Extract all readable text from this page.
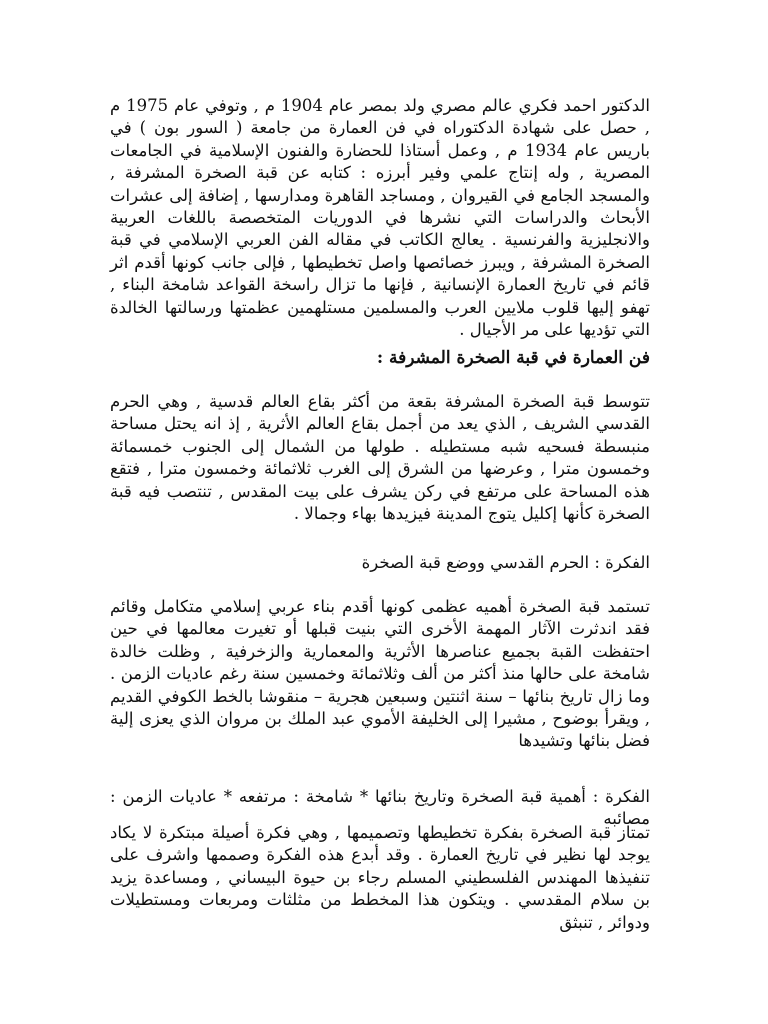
الدكتور احمد فكري عالم مصري ولد بمصر عام 1904 م , وتوفي عام 1975 م , حصل على شهادة الدكتوراه في فن العمارة من جامعة ( السور بون ) في باريس عام 1934 م , وعمل أستاذا للحضارة والفنون الإسلامية في الجامعات المصرية , وله إنتاج علمي وفير أبرزه : كتابه عن قبة الصخرة المشرفة , والمسجد الجامع في القيروان , ومساجد القاهرة ومدارسها , إضافة إلى عشرات الأبحاث والدراسات التي نشرها في الدوريات المتخصصة باللغات العربية والانجليزية والفرنسية . يعالج الكاتب في مقاله الفن العربي الإسلامي في قبة الصخرة المشرفة , ويبرز خصائصها واصل تخطيطها , فإلى جانب كونها أقدم اثر قائم في تاريخ العمارة الإنسانية , فإنها ما تزال راسخة القواعد شامخة البناء , تهفو إليها قلوب ملايين العرب والمسلمين مستلهمين عظمتها ورسالتها الخالدة التي تؤديها على مر الأجيال .

فن العمارة في قبة الصخرة المشرفة :

تتوسط قبة الصخرة المشرفة بقعة من أكثر بقاع العالم قدسية , وهي الحرم القدسي الشريف , الذي يعد من أجمل بقاع العالم الأثرية , إذ انه يحتل مساحة منبسطة فسحيه شبه مستطيله . طولها من الشمال إلى الجنوب خمسمائة وخمسون مترا , وعرضها من الشرق إلى الغرب ثلاثمائة وخمسون مترا , فتقع هذه المساحة على مرتفع في ركن يشرف على بيت المقدس , تنتصب فيه قبة الصخرة كأنها إكليل يتوج المدينة فيزيدها بهاء وجمالا .

الفكرة : الحرم القدسي ووضع قبة الصخرة

تستمد قبة الصخرة أهميه عظمى كونها أقدم بناء عربي إسلامي متكامل وقائم فقد اندثرت الآثار المهمة الأخرى التي بنيت قبلها أو تغيرت معالمها في حين احتفظت القبة بجميع عناصرها الأثرية والمعمارية والزخرفية , وظلت خالدة شامخة على حالها منذ أكثر من ألف وثلاثمائة وخمسين سنة رغم عاديات الزمن . وما زال تاريخ بنائها – سنة اثنتين وسبعين هجرية – منقوشا بالخط الكوفي القديم , ويقرأ بوضوح , مشيرا إلى الخليفة الأموي عبد الملك بن مروان الذي يعزى إلية فضل بنائها وتشيدها

الفكرة : أهمية قبة الصخرة وتاريخ بنائها * شامخة : مرتفعه * عاديات الزمن : مصائبه

تمتاز قبة الصخرة بفكرة تخطيطها وتصميمها , وهي فكرة أصيلة مبتكرة لا يكاد يوجد لها نظير في تاريخ العمارة . وقد أبدع هذه الفكرة وصممها واشرف على تنفيذها المهندس الفلسطيني المسلم رجاء بن حيوة البيساني , ومساعدة يزيد بن سلام المقدسي . ويتكون هذا المخطط من مثلثات ومربعات ومستطيلات ودوائر , تنبثق
